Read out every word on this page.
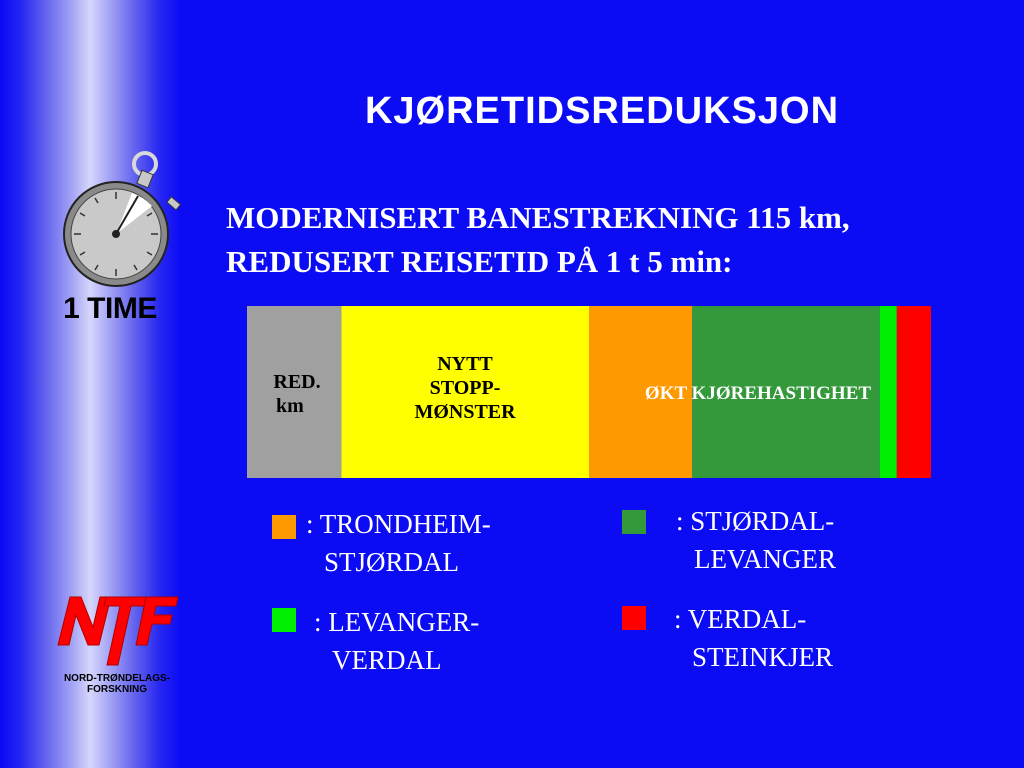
KJØRETIDSREDUKSJON
MODERNISERT BANESTREKNING 115 km,
REDUSERT REISETID PÅ 1 t 5 min:
1 TIME
RED.
km
NYTT
STOPP-
MØNSTER
ØKT KJØREHASTIGHET
: TRONDHEIM-
STJØRDAL
: STJØRDAL-
LEVANGER
: LEVANGER-
VERDAL
: VERDAL-
STEINKJER
NORD-TRØNDELAGS-
FORSKNING
